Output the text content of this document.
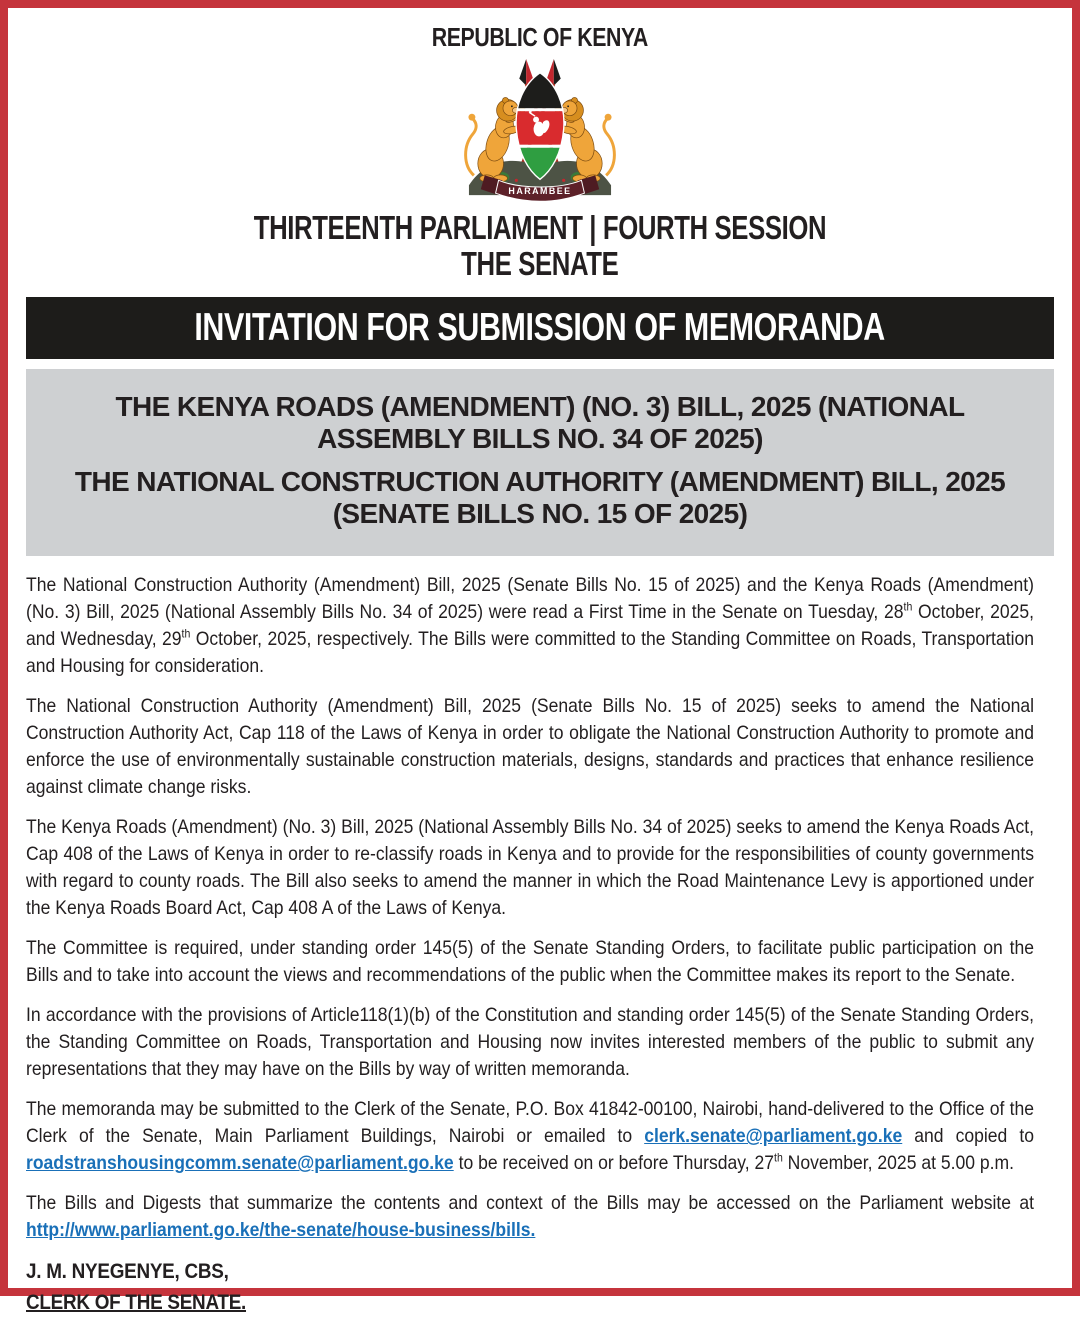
REPUBLIC OF KENYA
HARAMBEE
THIRTEENTH PARLIAMENT | FOURTH SESSION
THE SENATE
INVITATION FOR SUBMISSION OF MEMORANDA
THE KENYA ROADS (AMENDMENT) (NO. 3) BILL, 2025 (NATIONAL ASSEMBLY BILLS NO. 34 OF 2025)
THE NATIONAL CONSTRUCTION AUTHORITY (AMENDMENT) BILL, 2025 (SENATE BILLS NO. 15 OF 2025)

The National Construction Authority (Amendment) Bill, 2025 (Senate Bills No. 15 of 2025) and the Kenya Roads (Amendment) (No. 3) Bill, 2025 (National Assembly Bills No. 34 of 2025) were read a First Time in the Senate on Tuesday, 28th October, 2025, and Wednesday, 29th October, 2025, respectively. The Bills were committed to the Standing Committee on Roads, Transportation and Housing for consideration.

The National Construction Authority (Amendment) Bill, 2025 (Senate Bills No. 15 of 2025) seeks to amend the National Construction Authority Act, Cap 118 of the Laws of Kenya in order to obligate the National Construction Authority to promote and enforce the use of environmentally sustainable construction materials, designs, standards and practices that enhance resilience against climate change risks.

The Kenya Roads (Amendment) (No. 3) Bill, 2025 (National Assembly Bills No. 34 of 2025) seeks to amend the Kenya Roads Act, Cap 408 of the Laws of Kenya in order to re-classify roads in Kenya and to provide for the responsibilities of county governments with regard to county roads. The Bill also seeks to amend the manner in which the Road Maintenance Levy is apportioned under the Kenya Roads Board Act, Cap 408 A of the Laws of Kenya.

The Committee is required, under standing order 145(5) of the Senate Standing Orders, to facilitate public participation on the Bills and to take into account the views and recommendations of the public when the Committee makes its report to the Senate.

In accordance with the provisions of Article118(1)(b) of the Constitution and standing order 145(5) of the Senate Standing Orders, the Standing Committee on Roads, Transportation and Housing now invites interested members of the public to submit any representations that they may have on the Bills by way of written memoranda.

The memoranda may be submitted to the Clerk of the Senate, P.O. Box 41842-00100, Nairobi, hand-delivered to the Office of the Clerk of the Senate, Main Parliament Buildings, Nairobi or emailed to clerk.senate@parliament.go.ke and copied to roadstranshousingcomm.senate@parliament.go.ke to be received on or before Thursday, 27th November, 2025 at 5.00 p.m.

The Bills and Digests that summarize the contents and context of the Bills may be accessed on the Parliament website at http://www.parliament.go.ke/the-senate/house-business/bills.

J. M. NYEGENYE, CBS,
CLERK OF THE SENATE.
